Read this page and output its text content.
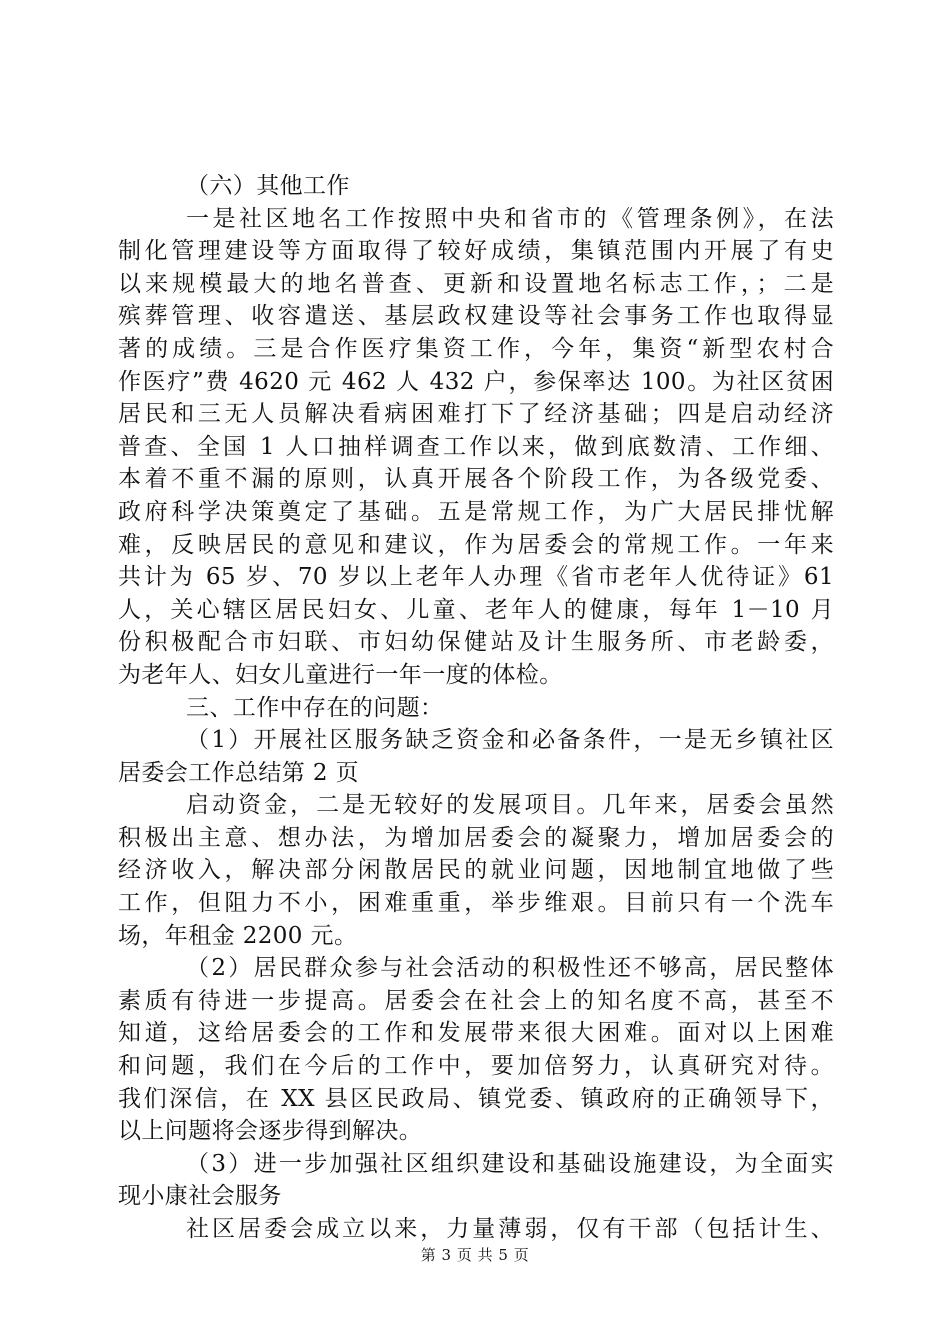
（六）其他工作
一是社区地名工作按照中央和省市的《管理条例》，在法
制化管理建设等方面取得了较好成绩，集镇范围内开展了有史
以来规模最大的地名普查、更新和设置地名标志工作，；二是
殡葬管理、收容遣送、基层政权建设等社会事务工作也取得显
著的成绩。三是合作医疗集资工作，今年，集资“新型农村合
作医疗”费 4620 元 462 人 432 户，参保率达 100。为社区贫困
居民和三无人员解决看病困难打下了经济基础；四是启动经济
普查、全国 1 人口抽样调查工作以来，做到底数清、工作细、
本着不重不漏的原则，认真开展各个阶段工作，为各级党委、
政府科学决策奠定了基础。五是常规工作，为广大居民排忧解
难，反映居民的意见和建议，作为居委会的常规工作。一年来
共计为 65 岁、70 岁以上老年人办理《省市老年人优待证》61
人，关心辖区居民妇女、儿童、老年人的健康，每年 1－10 月
份积极配合市妇联、市妇幼保健站及计生服务所、市老龄委，
为老年人、妇女儿童进行一年一度的体检。
三、工作中存在的问题：
（1）开展社区服务缺乏资金和必备条件，一是无乡镇社区
居委会工作总结第 2 页
启动资金，二是无较好的发展项目。几年来，居委会虽然
积极出主意、想办法，为增加居委会的凝聚力，增加居委会的
经济收入，解决部分闲散居民的就业问题，因地制宜地做了些
工作，但阻力不小，困难重重，举步维艰。目前只有一个洗车
场，年租金 2200 元。
（2）居民群众参与社会活动的积极性还不够高，居民整体
素质有待进一步提高。居委会在社会上的知名度不高，甚至不
知道，这给居委会的工作和发展带来很大困难。面对以上困难
和问题，我们在今后的工作中，要加倍努力，认真研究对待。
我们深信，在 XX 县区民政局、镇党委、镇政府的正确领导下，
以上问题将会逐步得到解决。
（3）进一步加强社区组织建设和基础设施建设，为全面实
现小康社会服务
社区居委会成立以来，力量薄弱，仅有干部（包括计生、
第 3 页 共 5 页
